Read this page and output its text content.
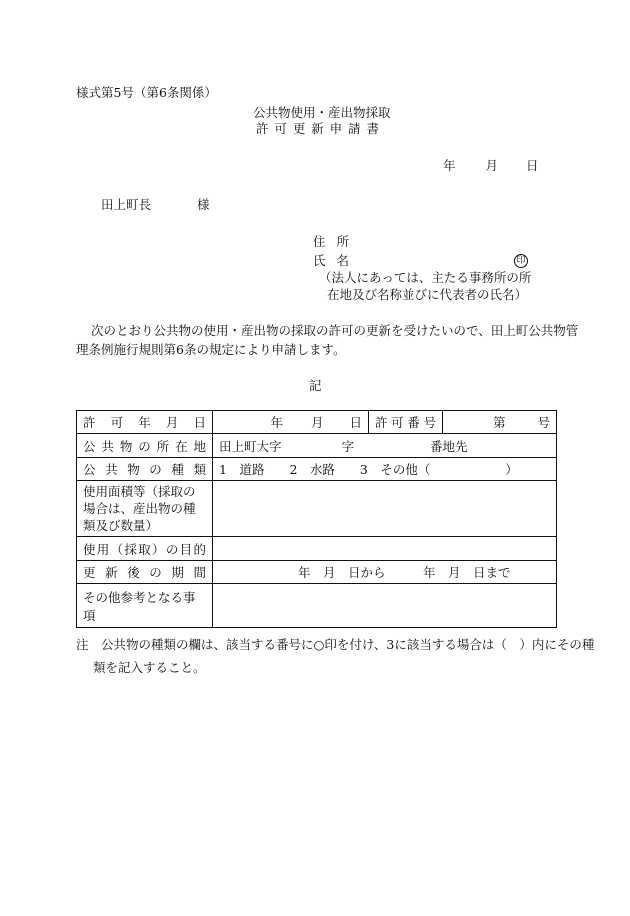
様式第5号（第6条関係）
公共物使用・産出物採取
許 可 更 新 申 請 書
年 月 日
田上町長	様
住 所
氏 名	印
（法人にあっては、主たる事務所の所
在地及び名称並びに代表者の氏名）
次のとおり公共物の使用・産出物の採取の許可の更新を受けたいので、田上町公共物管
理条例施行規則第6条の規定により申請します。
記
許可年月日	年 月 日	許可番号	第 号
公共物の所在地	田上町大字 字 番地先		
公共物の種類	1　道路　　2　水路　　3　その他（　　　　　　）		
使用面積等（採取の場合は、産出物の種類及び数量）			
使用（採取）の目的			
更新後の期間	年　月　日から　　　年　月　日まで		
その他参考となる事項			
注　公共物の種類の欄は、該当する番号に○印を付け、3に該当する場合は（　）内にその種
類を記入すること。
